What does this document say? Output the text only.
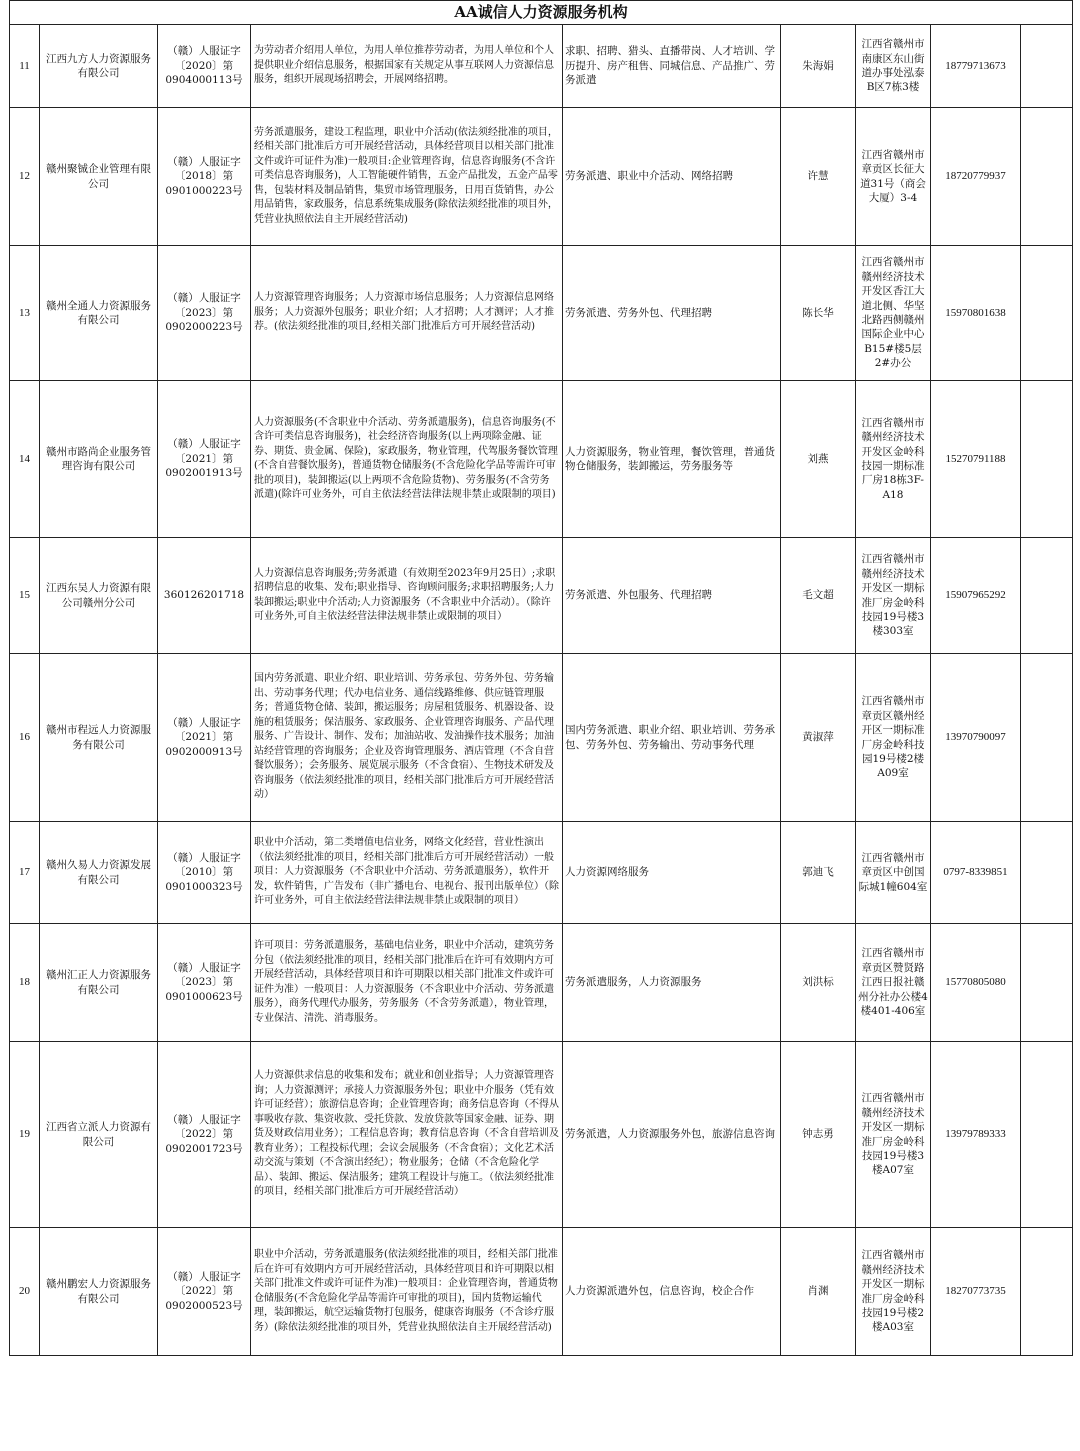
AA诚信人力资源服务机构								
11	江西九方人力资源服务有限公司	（赣）人服证字〔2020〕第0904000113号	为劳动者介绍用人单位，为用人单位推荐劳动者，为用人单位和个人提供职业介绍信息服务，根据国家有关规定从事互联网人力资源信息服务，组织开展现场招聘会，开展网络招聘。	求职、招聘、猎头、直播带岗、人才培训、学历提升、房产租售、同城信息、产品推广、劳务派遣	朱海娟	江西省赣州市南康区东山街道办事处泓泰B区7栋3楼	18779713673	
12	赣州聚铖企业管理有限公司	（赣）人服证字〔2018〕第0901000223号	劳务派遣服务，建设工程监理，职业中介活动(依法须经批准的项目，经相关部门批准后方可开展经营活动，具体经营项目以相关部门批准文件或许可证件为准)一般项目:企业管理咨询，信息咨询服务(不含许可类信息咨询服务)，人工智能硬件销售，五金产品批发，五金产品零售，包装材料及制品销售，集贸市场管理服务，日用百货销售，办公用品销售，家政服务，信息系统集成服务(除依法须经批准的项目外，凭营业执照依法自主开展经营活动)	劳务派遣、职业中介活动、网络招聘	许慧	江西省赣州市章贡区长征大道31号（商会大厦）3-4	18720779937	
13	赣州全通人力资源服务有限公司	（赣）人服证字〔2023〕第0902000223号	人力资源管理咨询服务；人力资源市场信息服务；人力资源信息网络服务；人力资源外包服务；职业介绍；人才招聘；人才测评；人才推荐。(依法须经批准的项目,经相关部门批准后方可开展经营活动)	劳务派遣、劳务外包、代理招聘	陈长华	江西省赣州市赣州经济技术开发区香江大道北侧、华坚北路西侧赣州国际企业中心B15#楼5层2#办公	15970801638	
14	赣州市路尚企业服务管理咨询有限公司	（赣）人服证字〔2021〕第0902001913号	人力资源服务(不含职业中介活动、劳务派遣服务)，信息咨询服务(不含许可类信息咨询服务)，社会经济咨询服务(以上两项除金融、证券、期货、贵金属、保险)，家政服务，物业管理，代驾服务餐饮管理(不含自营餐饮服务)，普通货物仓储服务(不含危险化学品等需许可审批的项目)，装卸搬运(以上两项不含危险货物)、劳务服务(不含劳务派遣)(除许可业务外，可自主依法经营法律法规非禁止或限制的项目)	人力资源服务，物业管理，餐饮管理，普通货物仓储服务，装卸搬运，劳务服务等	刘燕	江西省赣州市赣州经济技术开发区金岭科技园一期标准厂房18栋3F-A18	15270791188	
15	江西东吴人力资源有限公司赣州分公司	360126201718	人力资源信息咨询服务;劳务派遣（有效期至2023年9月25日）;求职招聘信息的收集、发布;职业指导、咨询顾问服务;求职招聘服务;人力装卸搬运;职业中介活动;人力资源服务（不含职业中介活动）。（除许可业务外,可自主依法经营法律法规非禁止或限制的项目）	劳务派遣、外包服务、代理招聘	毛文超	江西省赣州市赣州经济技术开发区一期标准厂房金岭科技园19号楼3楼303室	15907965292	
16	赣州市程远人力资源服务有限公司	（赣）人服证字〔2021〕第0902000913号	国内劳务派遣、职业介绍、职业培训、劳务承包、劳务外包、劳务输出、劳动事务代理；代办电信业务、通信线路维修、供应链管理服务；普通货物仓储、装卸，搬运服务；房屋租赁服务、机器设备、设施的租赁服务；保洁服务、家政服务、企业管理咨询服务、产品代理服务、广告设计、制作、发布；加油站收、发油操作技术服务；加油站经营管理的咨询服务；企业及咨询管理服务、酒店管理（不含自营餐饮服务）；会务服务、展览展示服务（不含食宿）、生物技术研发及咨询服务（依法须经批准的项目，经相关部门批准后方可开展经营活动）	国内劳务派遣、职业介绍、职业培训、劳务承包、劳务外包、劳务输出、劳动事务代理	黄淑萍	江西省赣州市章贡区赣州经开区一期标准厂房金岭科技园19号楼2楼A09室	13970790097	
17	赣州久易人力资源发展有限公司	（赣）人服证字〔2010〕第0901000323号	职业中介活动，第二类增值电信业务，网络文化经营，营业性演出（依法须经批准的项目，经相关部门批准后方可开展经营活动）一般项目：人力资源服务（不含职业中介活动、劳务派遣服务），软件开发，软件销售，广告发布（非广播电台、电视台、报刊出版单位）（除许可业务外，可自主依法经营法律法规非禁止或限制的项目）	人力资源网络服务	郭迪飞	江西省赣州市章贡区中创国际城1幢604室	0797-8339851	
18	赣州汇正人力资源服务有限公司	（赣）人服证字〔2023〕第0901000623号	许可项目：劳务派遣服务，基础电信业务，职业中介活动，建筑劳务分包（依法须经批准的项目，经相关部门批准后在许可有效期内方可开展经营活动，具体经营项目和许可期限以相关部门批准文件或许可证件为准）一般项目：人力资源服务（不含职业中介活动、劳务派遣服务），商务代理代办服务，劳务服务（不含劳务派遣），物业管理，专业保洁、清洗、消毒服务。	劳务派遣服务，人力资源服务	刘洪标	江西省赣州市章贡区赞贤路江西日报社赣州分社办公楼4楼401-406室	15770805080	
19	江西省立派人力资源有限公司	（赣）人服证字〔2022〕第0902001723号	人力资源供求信息的收集和发布；就业和创业指导；人力资源管理咨询；人力资源测评；承接人力资源服务外包；职业中介服务（凭有效许可证经营）；旅游信息咨询；企业管理咨询；商务信息咨询（不得从事吸收存款、集资收款、受托贷款、发放贷款等国家金融、证券、期货及财政信用业务）；工程信息咨询；教育信息咨询（不含自营培训及教育业务）；工程投标代理；会议会展服务（不含食宿）；文化艺术活动交流与策划（不含演出经纪）；物业服务；仓储（不含危险化学品）、装卸、搬运、保洁服务；建筑工程设计与施工。（依法须经批准的项目，经相关部门批准后方可开展经营活动）	劳务派遣，人力资源服务外包，旅游信息咨询	钟志勇	江西省赣州市赣州经济技术开发区一期标准厂房金岭科技园19号楼3楼A07室	13979789333	
20	赣州鹏宏人力资源服务有限公司	（赣）人服证字〔2022〕第0902000523号	职业中介活动，劳务派遣服务(依法须经批准的项目，经相关部门批准后在许可有效期内方可开展经营活动，具体经营项目和许可期限以相关部门批准文件或许可证件为准)一般项目：企业管理咨询，普通货物仓储服务(不含危险化学品等需许可审批的项目)，国内货物运输代理，装卸搬运，航空运输货物打包服务，健康咨询服务（不含诊疗服务）(除依法须经批准的项目外，凭营业执照依法自主开展经营活动)	人力资源派遣外包，信息咨询，校企合作	肖渊	江西省赣州市赣州经济技术开发区一期标准厂房金岭科技园19号楼2楼A03室	18270773735	
